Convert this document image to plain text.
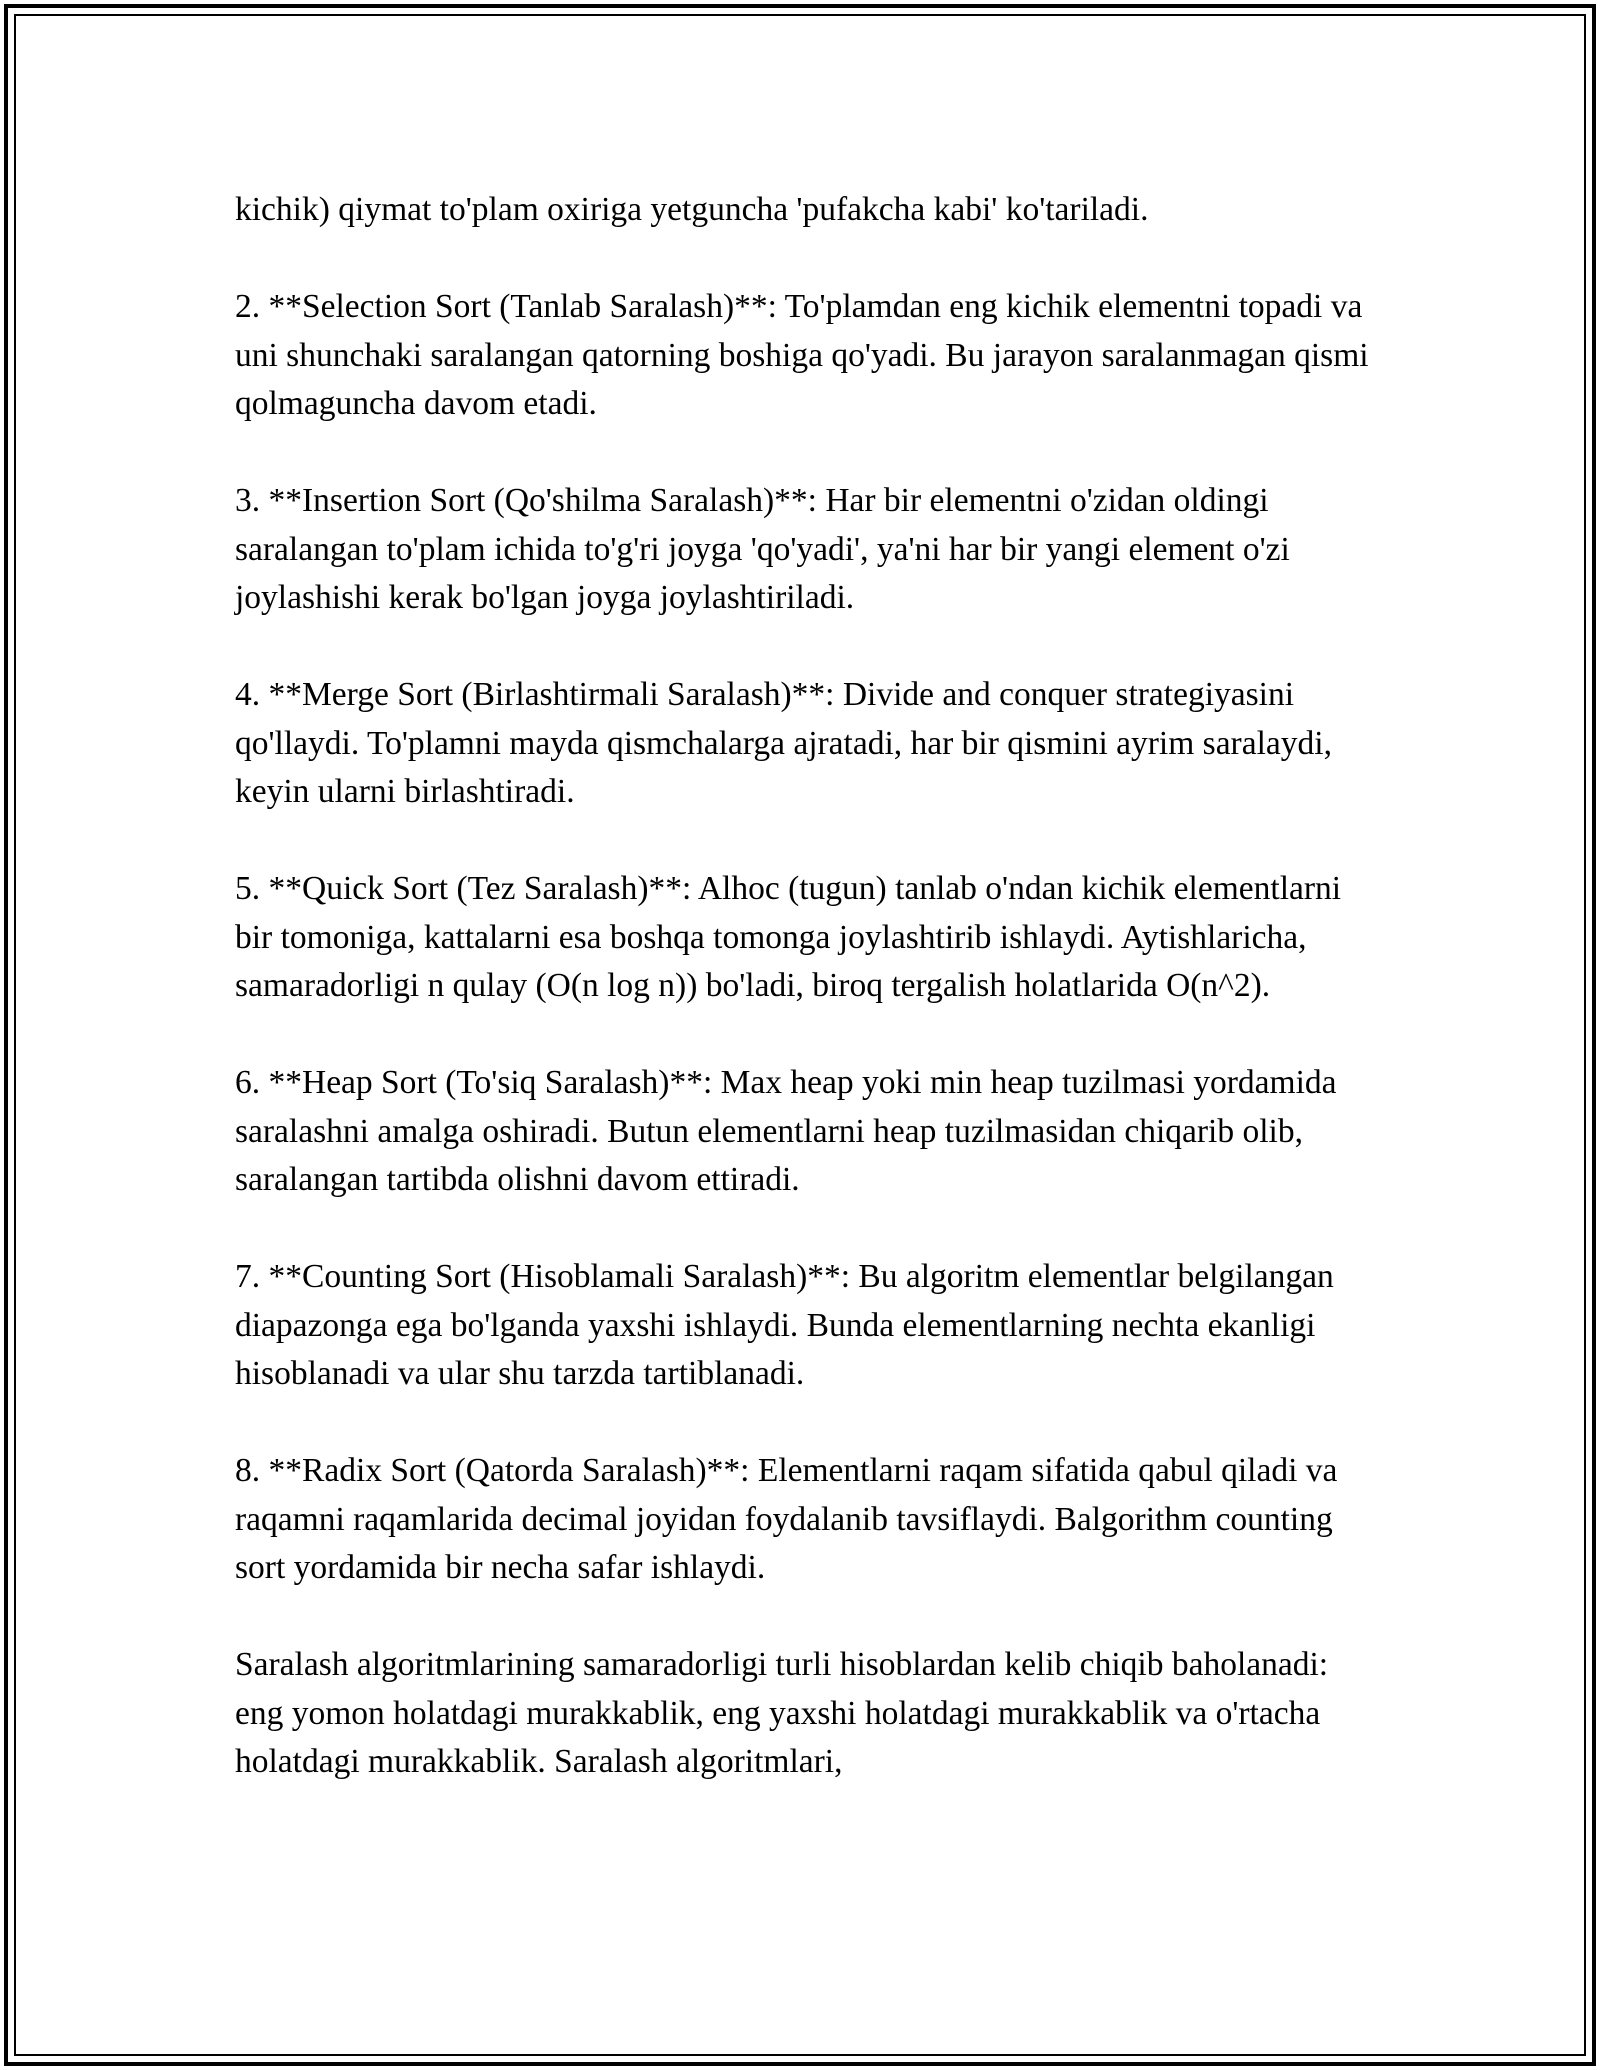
kichik) qiymat to'plam oxiriga yetguncha 'pufakcha kabi' ko'tariladi.

2. **Selection Sort (Tanlab Saralash)**: To'plamdan eng kichik elementni topadi va uni shunchaki saralangan qatorning boshiga qo'yadi. Bu jarayon saralanmagan qismi qolmaguncha davom etadi.

3. **Insertion Sort (Qo'shilma Saralash)**: Har bir elementni o'zidan oldingi saralangan to'plam ichida to'g'ri joyga 'qo'yadi', ya'ni har bir yangi element o'zi joylashishi kerak bo'lgan joyga joylashtiriladi.

4. **Merge Sort (Birlashtirmali Saralash)**: Divide and conquer strategiyasini qo'llaydi. To'plamni mayda qismchalarga ajratadi, har bir qismini ayrim saralaydi, keyin ularni birlashtiradi.

5. **Quick Sort (Tez Saralash)**: Alhoc (tugun) tanlab o'ndan kichik elementlarni bir tomoniga, kattalarni esa boshqa tomonga joylashtirib ishlaydi. Aytishlaricha, samaradorligi n qulay (O(n log n)) bo'ladi, biroq tergalish holatlarida O(n^2).

6. **Heap Sort (To'siq Saralash)**: Max heap yoki min heap tuzilmasi yordamida saralashni amalga oshiradi. Butun elementlarni heap tuzilmasidan chiqarib olib, saralangan tartibda olishni davom ettiradi.

7. **Counting Sort (Hisoblamali Saralash)**: Bu algoritm elementlar belgilangan diapazonga ega bo'lganda yaxshi ishlaydi. Bunda elementlarning nechta ekanligi hisoblanadi va ular shu tarzda tartiblanadi.

8. **Radix Sort (Qatorda Saralash)**: Elementlarni raqam sifatida qabul qiladi va raqamni raqamlarida decimal joyidan foydalanib tavsiflaydi. Balgorithm counting sort yordamida bir necha safar ishlaydi.

Saralash algoritmlarining samaradorligi turli hisoblardan kelib chiqib baholanadi: eng yomon holatdagi murakkablik, eng yaxshi holatdagi murakkablik va o'rtacha holatdagi murakkablik. Saralash algoritmlari,
